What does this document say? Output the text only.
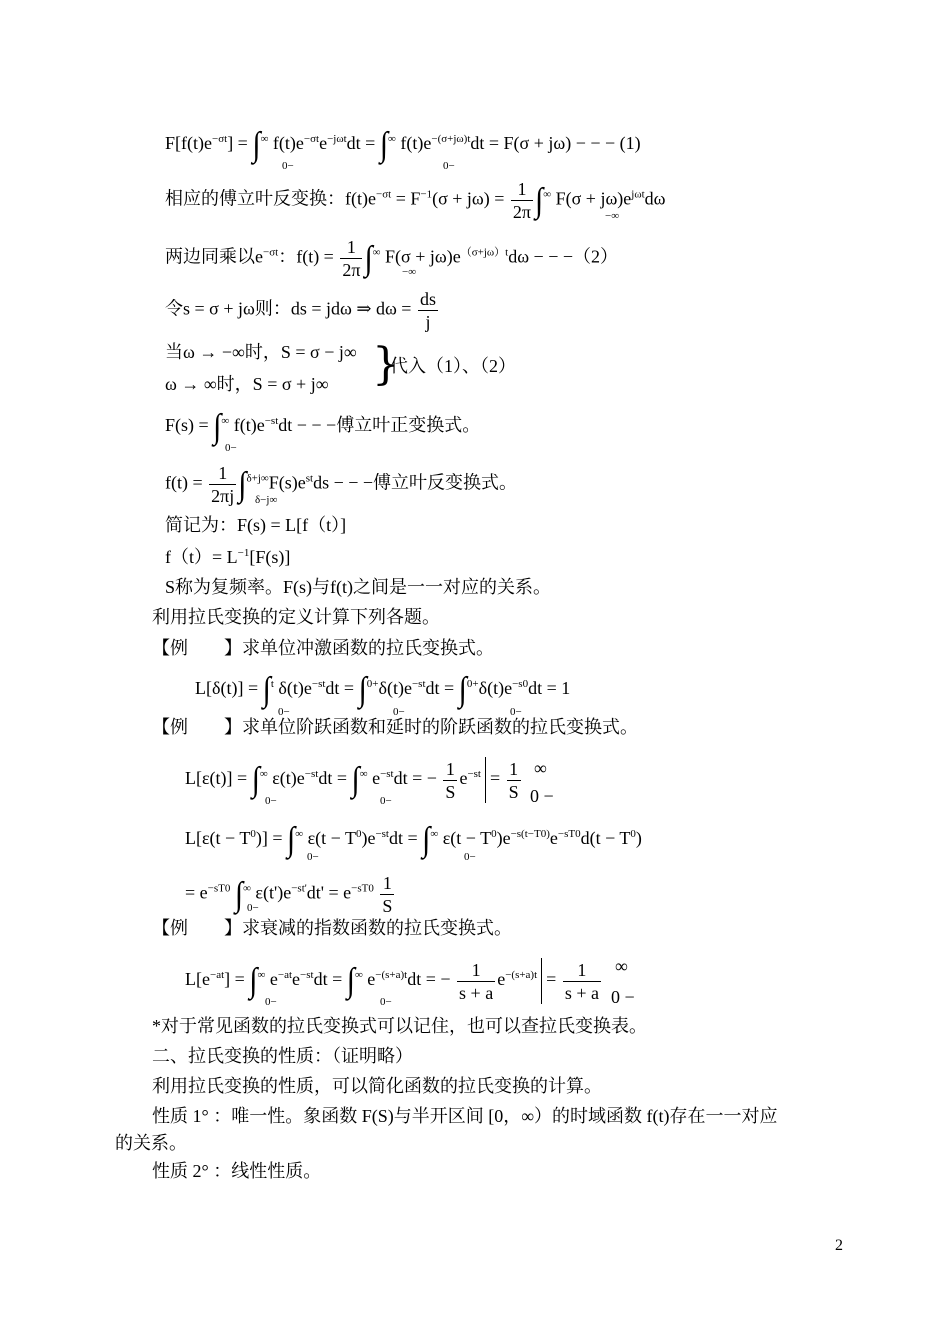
$F[f(t)e^{-\sigma t}] = \int^\infty$ $f(t)e^{-\sigma t}e^{-j\omega t}dt = \int^\infty$ $f(t)e^{-(\sigma+j\omega)t}dt = F(\sigma + j\omega)$ − − − (1)
0−	0−
相应的傅立叶反变换：$f(t)e^{-\sigma t} = F^{-1}(\sigma + j\omega) = \frac{1}{2\pi} \int^\infty$ $F(\sigma + j\omega)e^{j\omega t}d\omega$
−∞
两边同乘以$e^{-\sigma t}$：$f(t) = \frac{1}{2\pi} \int^\infty$ $F(\sigma + j\omega)e^{(\sigma+j\omega)t}d\omega$ − − −（2）
−∞
令s = σ + jω则：ds = jdω ⇒ $d\omega = \frac{ds}{j}$
当ω → −∞时，S = σ − j∞
ω → ∞时，S = σ + j∞ }
代入（1）、（2）
F(s) = ∫∞ $f(t)e^{-st}dt$ − − −傅立叶正变换式。
0−
$f(t) = \frac{1}{2\pi j} \int^{\delta+j\infty}F(s)e^{st}ds$ − − −傅立叶反变换式。
δ−j∞
简记为：F(s) = L[f（t）]
$f(t)= L^{-1}[F(s)]$
S称为复频率。F(s)与f(t)之间是一一对应的关系。
利用拉氏变换的定义计算下列各题。
【例　　】求单位冲激函数的拉氏变换式。
L[δ(t)] = ∫$^t$ $\delta(t)e^{-st}dt = \int^{0+}\delta(t)e^{-st}dt = \int^{0+}\delta(t)e^{-s0}dt = 1$
0−	0−	0−
【例　　】求单位阶跃函数和延时的阶跃函数的拉氏变换式。
L[ε(t)] = ∫∞ $\varepsilon(t)e^{-st}dt = \int^\infty$ $e^{-st}dt$ = − $\frac{1}{S} e^{-st} = \frac{1}{S}$
0−	0−
∞
0 −
$L[\varepsilon(t - T^0)] = \int^\infty$ $\varepsilon(t - T^0)e^{-st}dt = \int^\infty$ $\varepsilon(t - T^0)e^{-s(t-T0)}e^{-sT0}d(t - T^0)$
0−	0−
= $e^{-sT0}$ ∫∞ $\varepsilon(t')e^{-st'}dt' = e^{-sT0} \frac{1}{S}$
0−
【例　　】求衰减的指数函数的拉氏变换式。
$L[e^{-at}] = \int^\infty$ $e^{-at}e^{-st}dt = \int^\infty$ $e^{-(s+a)t}dt$ = − $\frac{1}{s + a} e^{-(s+a)t} = \frac{1}{s + a}$
0−	0−
∞
0 −
*对于常见函数的拉氏变换式可以记住，也可以查拉氏变换表。
二、拉氏变换的性质：（证明略）
利用拉氏变换的性质，可以简化函数的拉氏变换的计算。
性质 1° ：唯一性。象函数 F(S)与半开区间 [0，∞）的时域函数 f(t)存在一一对应
的关系。
性质 2° ：线性性质。
2
